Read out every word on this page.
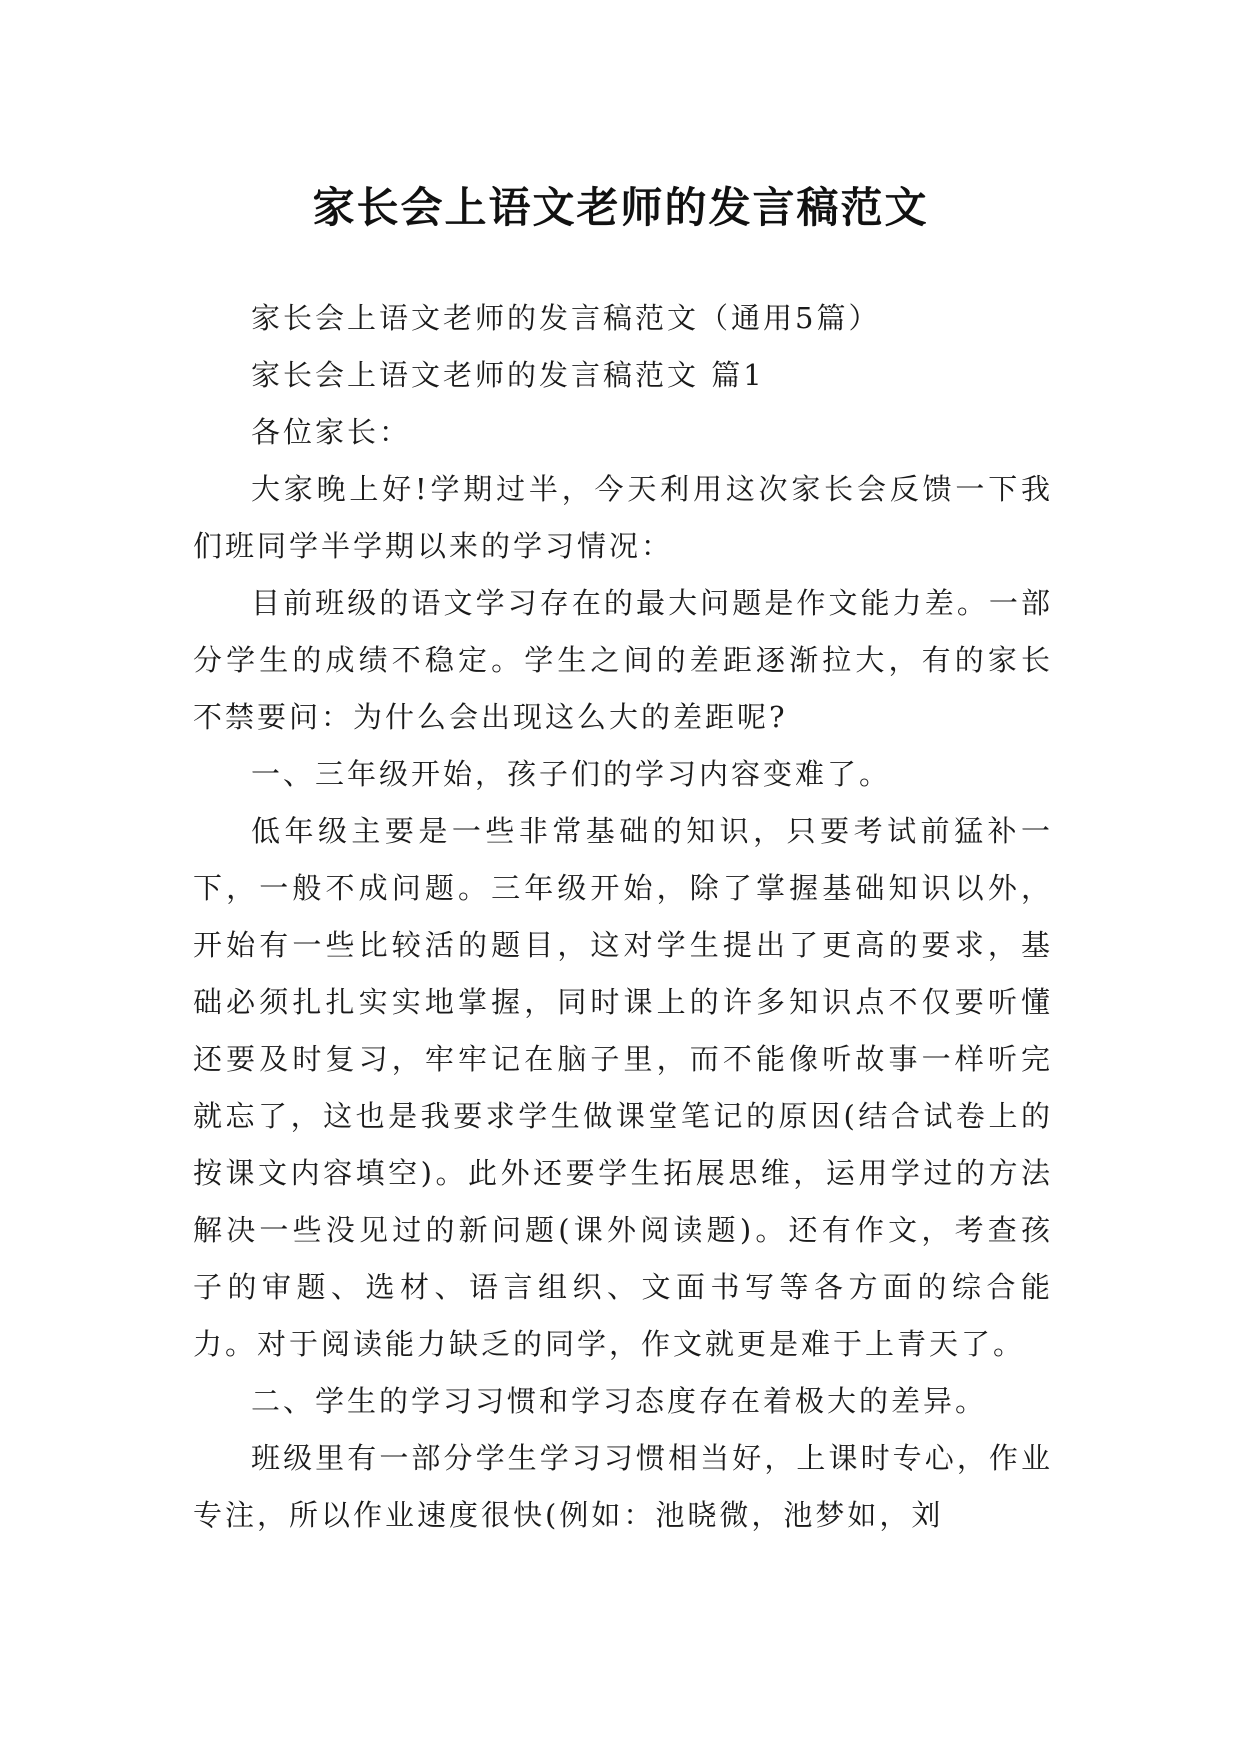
家长会上语文老师的发言稿范文

家长会上语文老师的发言稿范文（通用5篇）

家长会上语文老师的发言稿范文 篇1

各位家长：

大家晚上好!学期过半，今天利用这次家长会反馈一下我们班同学半学期以来的学习情况：

目前班级的语文学习存在的最大问题是作文能力差。一部分学生的成绩不稳定。学生之间的差距逐渐拉大，有的家长不禁要问：为什么会出现这么大的差距呢?

一、三年级开始，孩子们的学习内容变难了。

低年级主要是一些非常基础的知识，只要考试前猛补一下，一般不成问题。三年级开始，除了掌握基础知识以外，开始有一些比较活的题目，这对学生提出了更高的要求，基础必须扎扎实实地掌握，同时课上的许多知识点不仅要听懂还要及时复习，牢牢记在脑子里，而不能像听故事一样听完就忘了，这也是我要求学生做课堂笔记的原因(结合试卷上的按课文内容填空)。此外还要学生拓展思维，运用学过的方法解决一些没见过的新问题(课外阅读题)。还有作文，考查孩子的审题、选材、语言组织、文面书写等各方面的综合能力。对于阅读能力缺乏的同学，作文就更是难于上青天了。

二、学生的学习习惯和学习态度存在着极大的差异。

班级里有一部分学生学习习惯相当好，上课时专心，作业专注，所以作业速度很快(例如：池晓微，池梦如，刘
